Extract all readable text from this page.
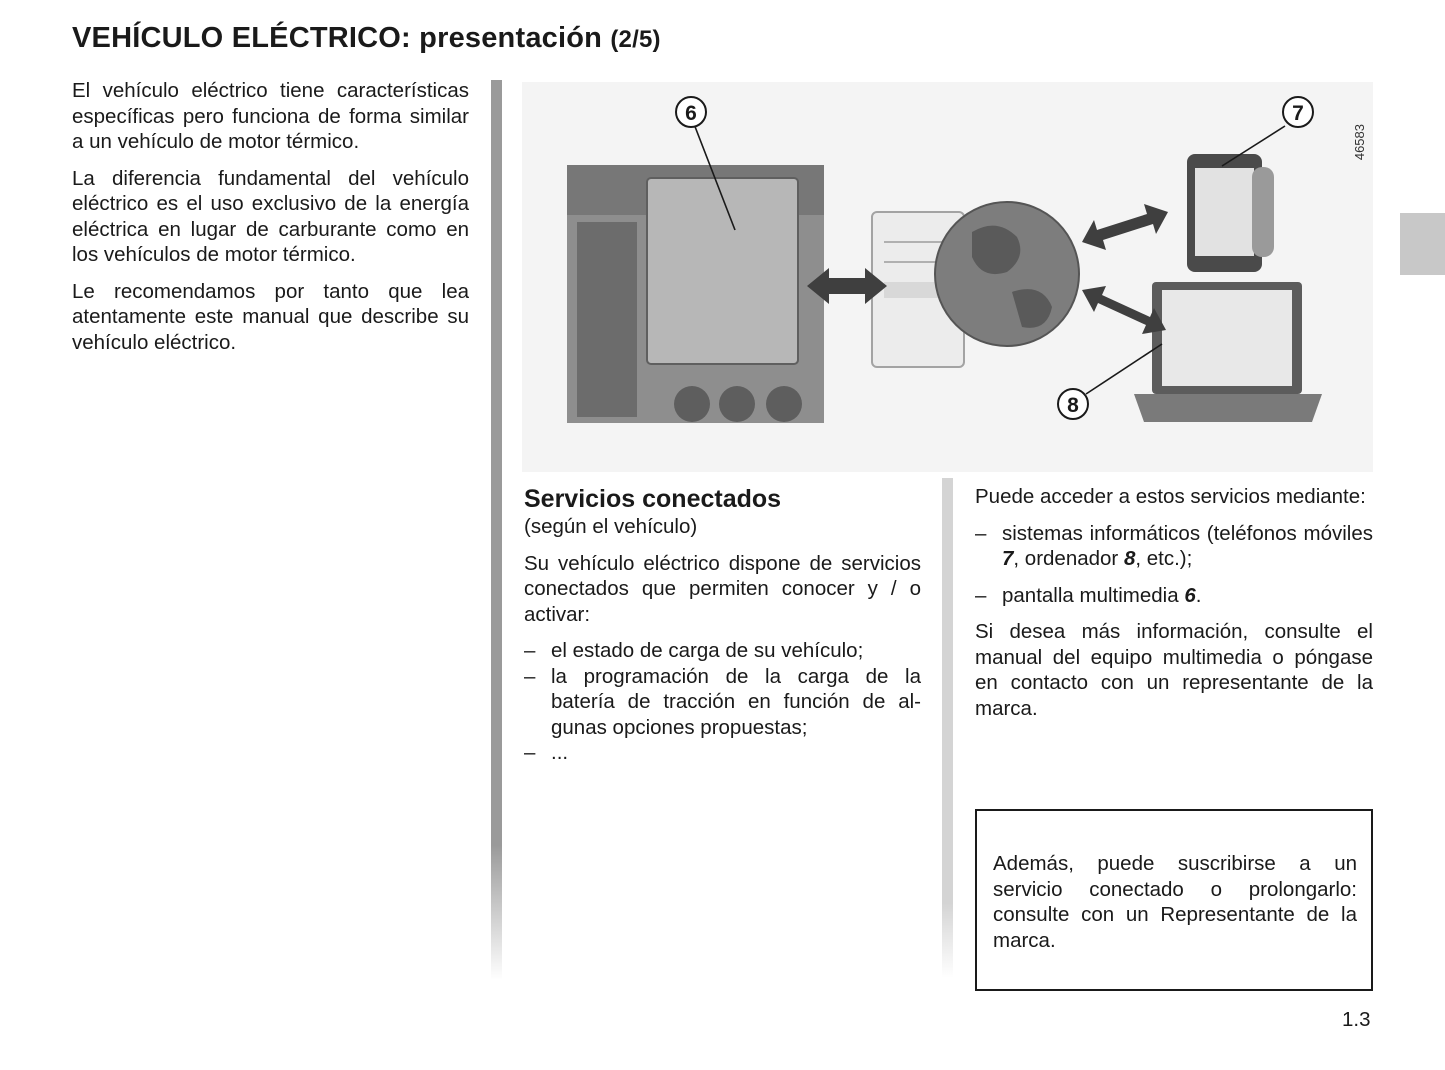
VEHÍCULO ELÉCTRICO: presentación (2/5)

El vehículo eléctrico tiene características específicas pero funciona de forma similar a un vehículo de motor térmico.

La diferencia fundamental del vehículo eléctrico es el uso exclusivo de la energía eléctrica en lugar de carburante como en los vehículos de motor térmico.

Le recomendamos por tanto que lea atentamente este manual que describe su vehículo eléctrico.

6	7
8
46583
Servicios conectados

(según el vehículo)

Su vehículo eléctrico dispone de servicios conectados que permiten conocer y / o activar:

– el estado de carga de su vehículo;
– la programación de la carga de la batería de tracción en función de algunas opciones propuestas;
– ...

Puede acceder a estos servicios mediante:

– sistemas informáticos (teléfonos móviles 7, ordenador 8, etc.);
– pantalla multimedia 6.

Si desea más información, consulte el manual del equipo multimedia o póngase en contacto con un representante de la marca.

Además, puede suscribirse a un servicio conectado o prolongarlo: consulte con un Representante de la marca.

1.3
